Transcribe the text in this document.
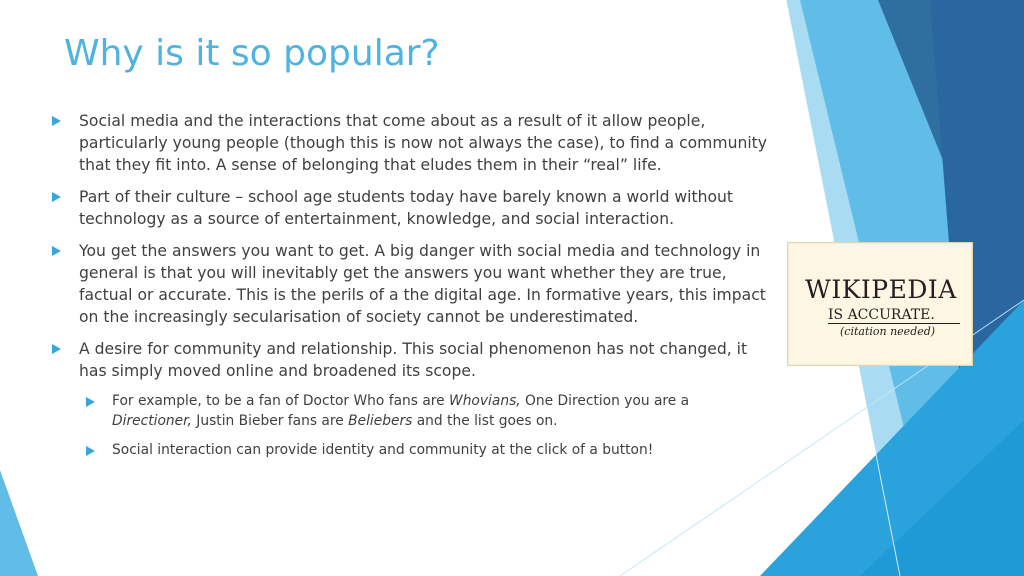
Why is it so popular?
Social media and the interactions that come about as a result of it allow people, particularly young people (though this is now not always the case), to find a community that they fit into. A sense of belonging that eludes them in their “real” life.
Part of their culture – school age students today have barely known a world without technology as a source of entertainment, knowledge, and social interaction.
You get the answers you want to get. A big danger with social media and technology in general is that you will inevitably get the answers you want whether they are true, factual or accurate. This is the perils of a the digital age. In formative years, this impact on the increasingly secularisation of society cannot be underestimated.
A desire for community and relationship. This social phenomenon has not changed, it has simply moved online and broadened its scope.
For example, to be a fan of Doctor Who fans are Whovians, One Direction you are a Directioner, Justin Bieber fans are Beliebers and the list goes on.
Social interaction can provide identity and community at the click of a button!
WIKIPEDIA
IS ACCURATE.
(citation needed)
